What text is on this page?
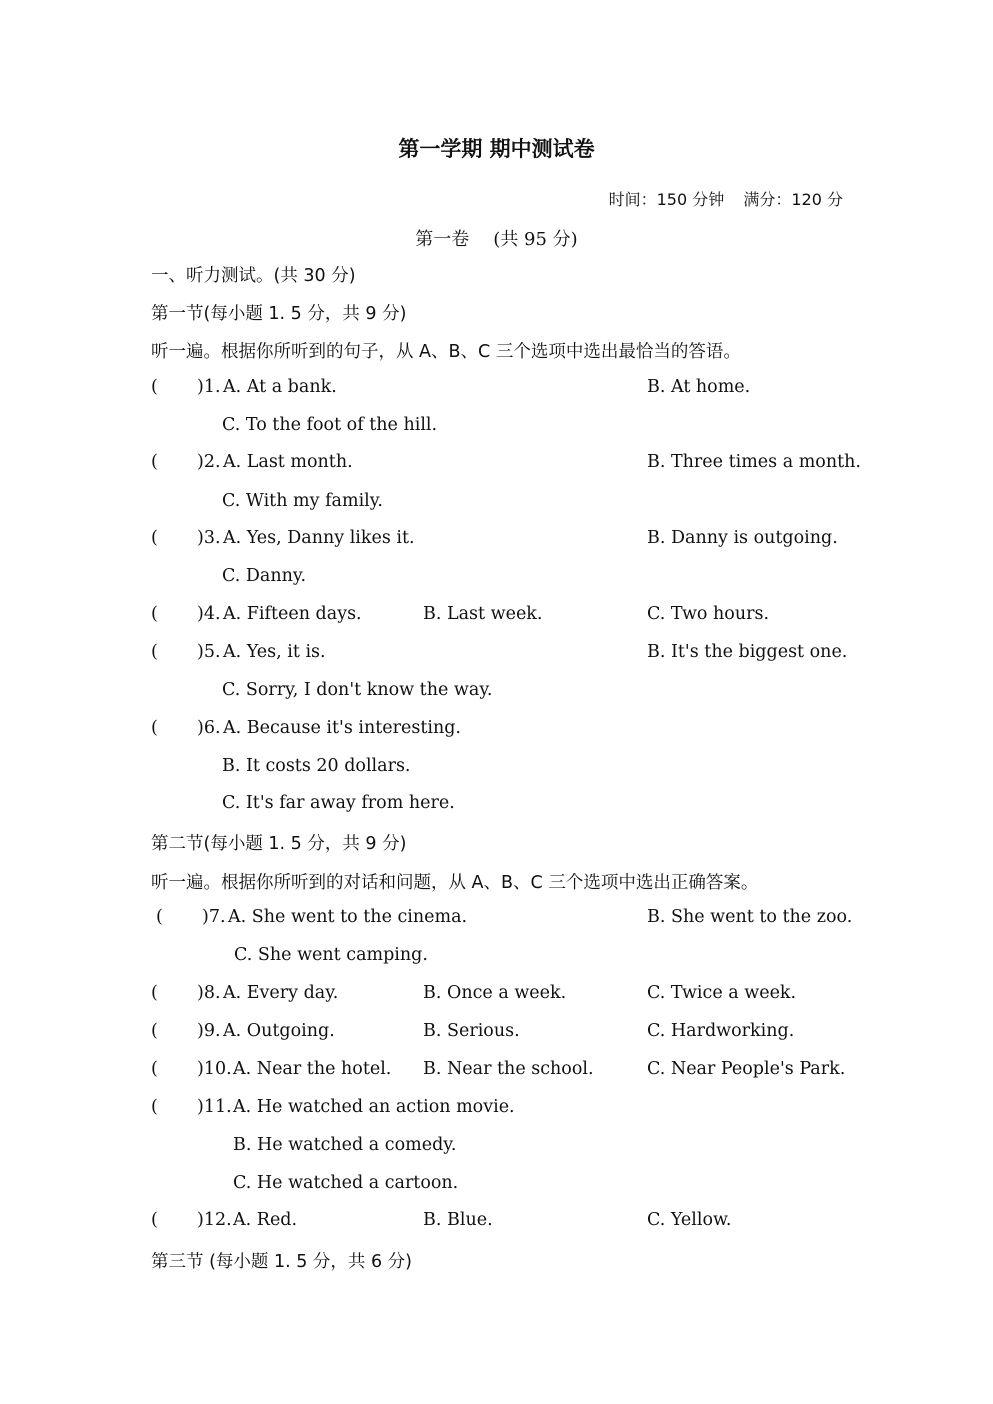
第一学期 期中测试卷
时间：150 分钟 满分：120 分
第一卷 (共 95 分)
一、听力测试。(共 30 分)
第一节(每小题 1. 5 分，共 9 分)
听一遍。根据你所听到的句子，从 A、B、C 三个选项中选出最恰当的答语。
( )1. A. At a bank.	B. At home.
C. To the foot of the hill.
( )2. A. Last month.	B. Three times a month.
C. With my family.
( )3. A. Yes, Danny likes it.	B. Danny is outgoing.
C. Danny.
( )4. A. Fifteen days.	B. Last week.	C. Two hours.
( )5. A. Yes, it is.	B. It's the biggest one.
C. Sorry, I don't know the way.
( )6. A. Because it's interesting.
B. It costs 20 dollars.
C. It's far away from here.
第二节(每小题 1. 5 分，共 9 分)
听一遍。根据你所听到的对话和问题，从 A、B、C 三个选项中选出正确答案。
( )7. A. She went to the cinema.	B. She went to the zoo.
C. She went camping.
( )8. A. Every day.	B. Once a week.	C. Twice a week.
( )9. A. Outgoing.	B. Serious.	C. Hardworking.
( )10. A. Near the hotel. B. Near the school.	C. Near People's Park.
( )11. A. He watched an action movie.
B. He watched a comedy.
C. He watched a cartoon.
( )12. A. Red.	B. Blue.	C. Yellow.
第三节 (每小题 1. 5 分，共 6 分)
